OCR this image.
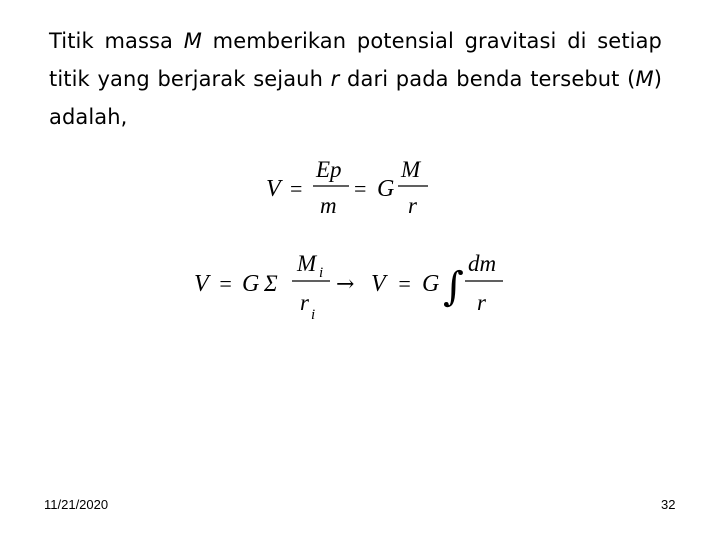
Titik massa M memberikan potensial gravitasi di setiap titik yang berjarak sejauh r dari pada benda tersebut (M) adalah,
V =
Ep
m
= G
M
r
V = G Σ
M i
r i
→ V = G ∫
dm
r
11/21/2020	32
